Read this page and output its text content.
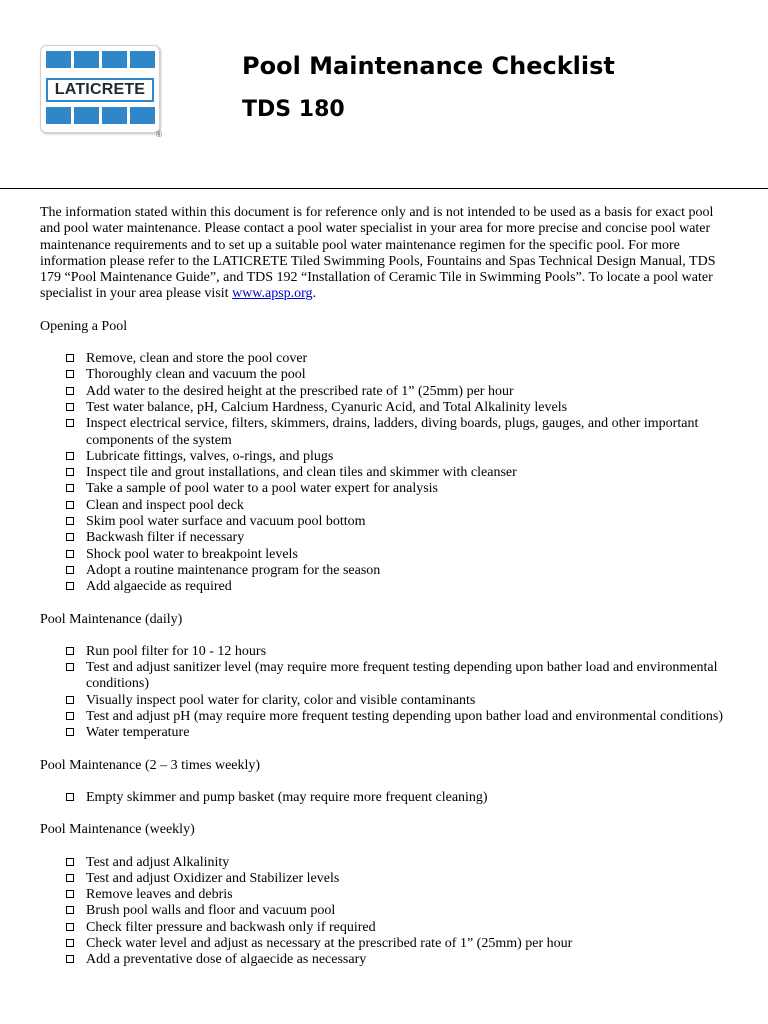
LATICRETE
®
Pool Maintenance Checklist
TDS 180

The information stated within this document is for reference only and is not intended to be used as a basis for exact pool and pool water maintenance. Please contact a pool water specialist in your area for more precise and concise pool water maintenance requirements and to set up a suitable pool water maintenance regimen for the specific pool. For more information please refer to the LATICRETE Tiled Swimming Pools, Fountains and Spas Technical Design Manual, TDS 179 “Pool Maintenance Guide”, and TDS 192 “Installation of Ceramic Tile in Swimming Pools”. To locate a pool water specialist in your area please visit www.apsp.org.

Opening a Pool

Remove, clean and store the pool cover
Thoroughly clean and vacuum the pool
Add water to the desired height at the prescribed rate of 1” (25mm) per hour
Test water balance, pH, Calcium Hardness, Cyanuric Acid, and Total Alkalinity levels
Inspect electrical service, filters, skimmers, drains, ladders, diving boards, plugs, gauges, and other important components of the system
Lubricate fittings, valves, o-rings, and plugs
Inspect tile and grout installations, and clean tiles and skimmer with cleanser
Take a sample of pool water to a pool water expert for analysis
Clean and inspect pool deck
Skim pool water surface and vacuum pool bottom
Backwash filter if necessary
Shock pool water to breakpoint levels
Adopt a routine maintenance program for the season
Add algaecide as required

Pool Maintenance (daily)

Run pool filter for 10 - 12 hours
Test and adjust sanitizer level (may require more frequent testing depending upon bather load and environmental conditions)
Visually inspect pool water for clarity, color and visible contaminants
Test and adjust pH (may require more frequent testing depending upon bather load and environmental conditions)
Water temperature

Pool Maintenance (2 – 3 times weekly)

Empty skimmer and pump basket (may require more frequent cleaning)

Pool Maintenance (weekly)

Test and adjust Alkalinity
Test and adjust Oxidizer and Stabilizer levels
Remove leaves and debris
Brush pool walls and floor and vacuum pool
Check filter pressure and backwash only if required
Check water level and adjust as necessary at the prescribed rate of 1” (25mm) per hour
Add a preventative dose of algaecide as necessary
